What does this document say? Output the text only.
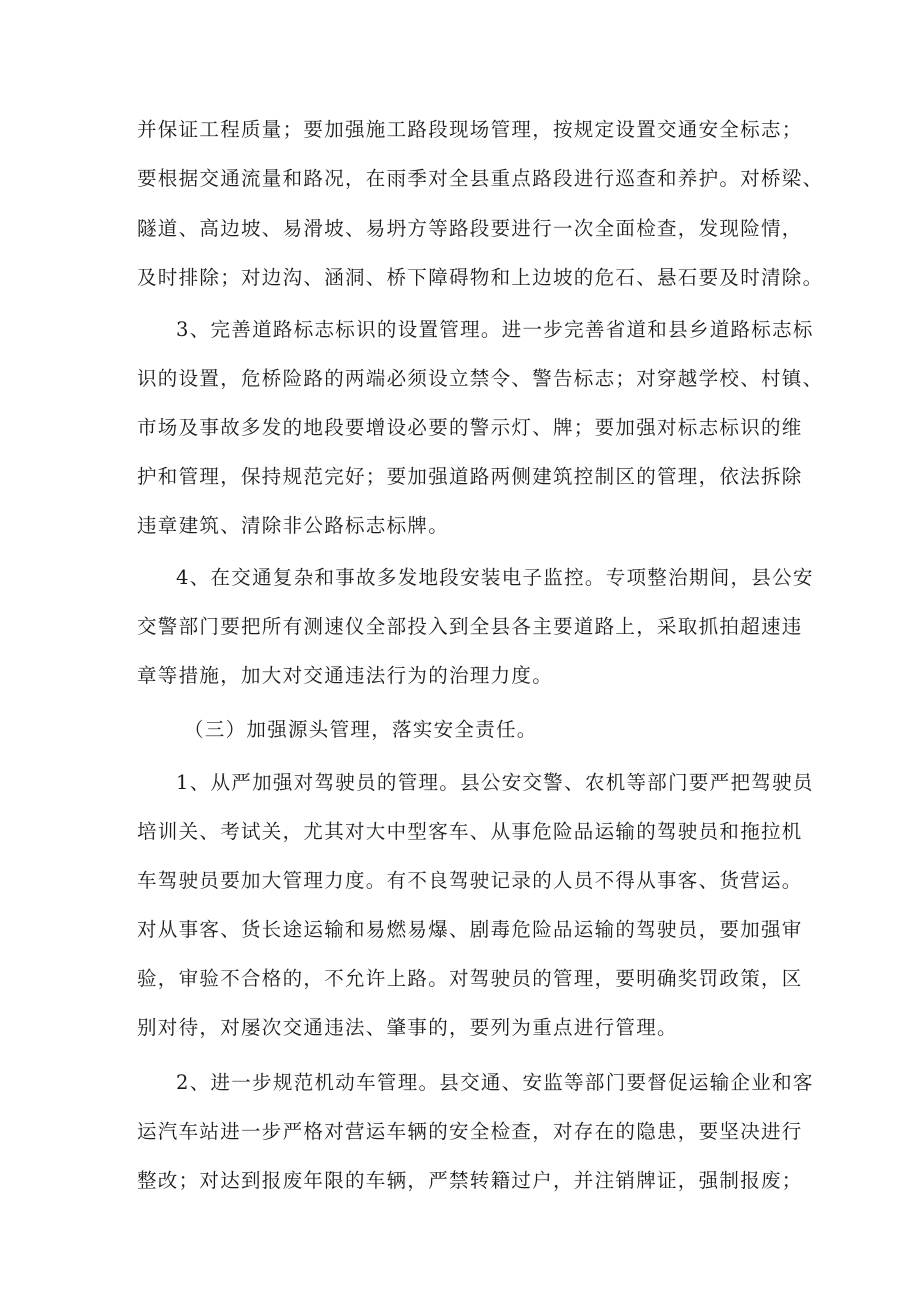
并保证工程质量；要加强施工路段现场管理，按规定设置交通安全标志；
要根据交通流量和路况，在雨季对全县重点路段进行巡查和养护。对桥梁、
隧道、高边坡、易滑坡、易坍方等路段要进行一次全面检查，发现险情，
及时排除；对边沟、涵洞、桥下障碍物和上边坡的危石、悬石要及时清除。
3、完善道路标志标识的设置管理。进一步完善省道和县乡道路标志标
识的设置，危桥险路的两端必须设立禁令、警告标志；对穿越学校、村镇、
市场及事故多发的地段要增设必要的警示灯、牌；要加强对标志标识的维
护和管理，保持规范完好；要加强道路两侧建筑控制区的管理，依法拆除
违章建筑、清除非公路标志标牌。
4、在交通复杂和事故多发地段安装电子监控。专项整治期间，县公安
交警部门要把所有测速仪全部投入到全县各主要道路上，采取抓拍超速违
章等措施，加大对交通违法行为的治理力度。
（三）加强源头管理，落实安全责任。
1、从严加强对驾驶员的管理。县公安交警、农机等部门要严把驾驶员
培训关、考试关，尤其对大中型客车、从事危险品运输的驾驶员和拖拉机
车驾驶员要加大管理力度。有不良驾驶记录的人员不得从事客、货营运。
对从事客、货长途运输和易燃易爆、剧毒危险品运输的驾驶员，要加强审
验，审验不合格的，不允许上路。对驾驶员的管理，要明确奖罚政策，区
别对待，对屡次交通违法、肇事的，要列为重点进行管理。
2、进一步规范机动车管理。县交通、安监等部门要督促运输企业和客
运汽车站进一步严格对营运车辆的安全检查，对存在的隐患，要坚决进行
整改；对达到报废年限的车辆，严禁转籍过户，并注销牌证，强制报废；
